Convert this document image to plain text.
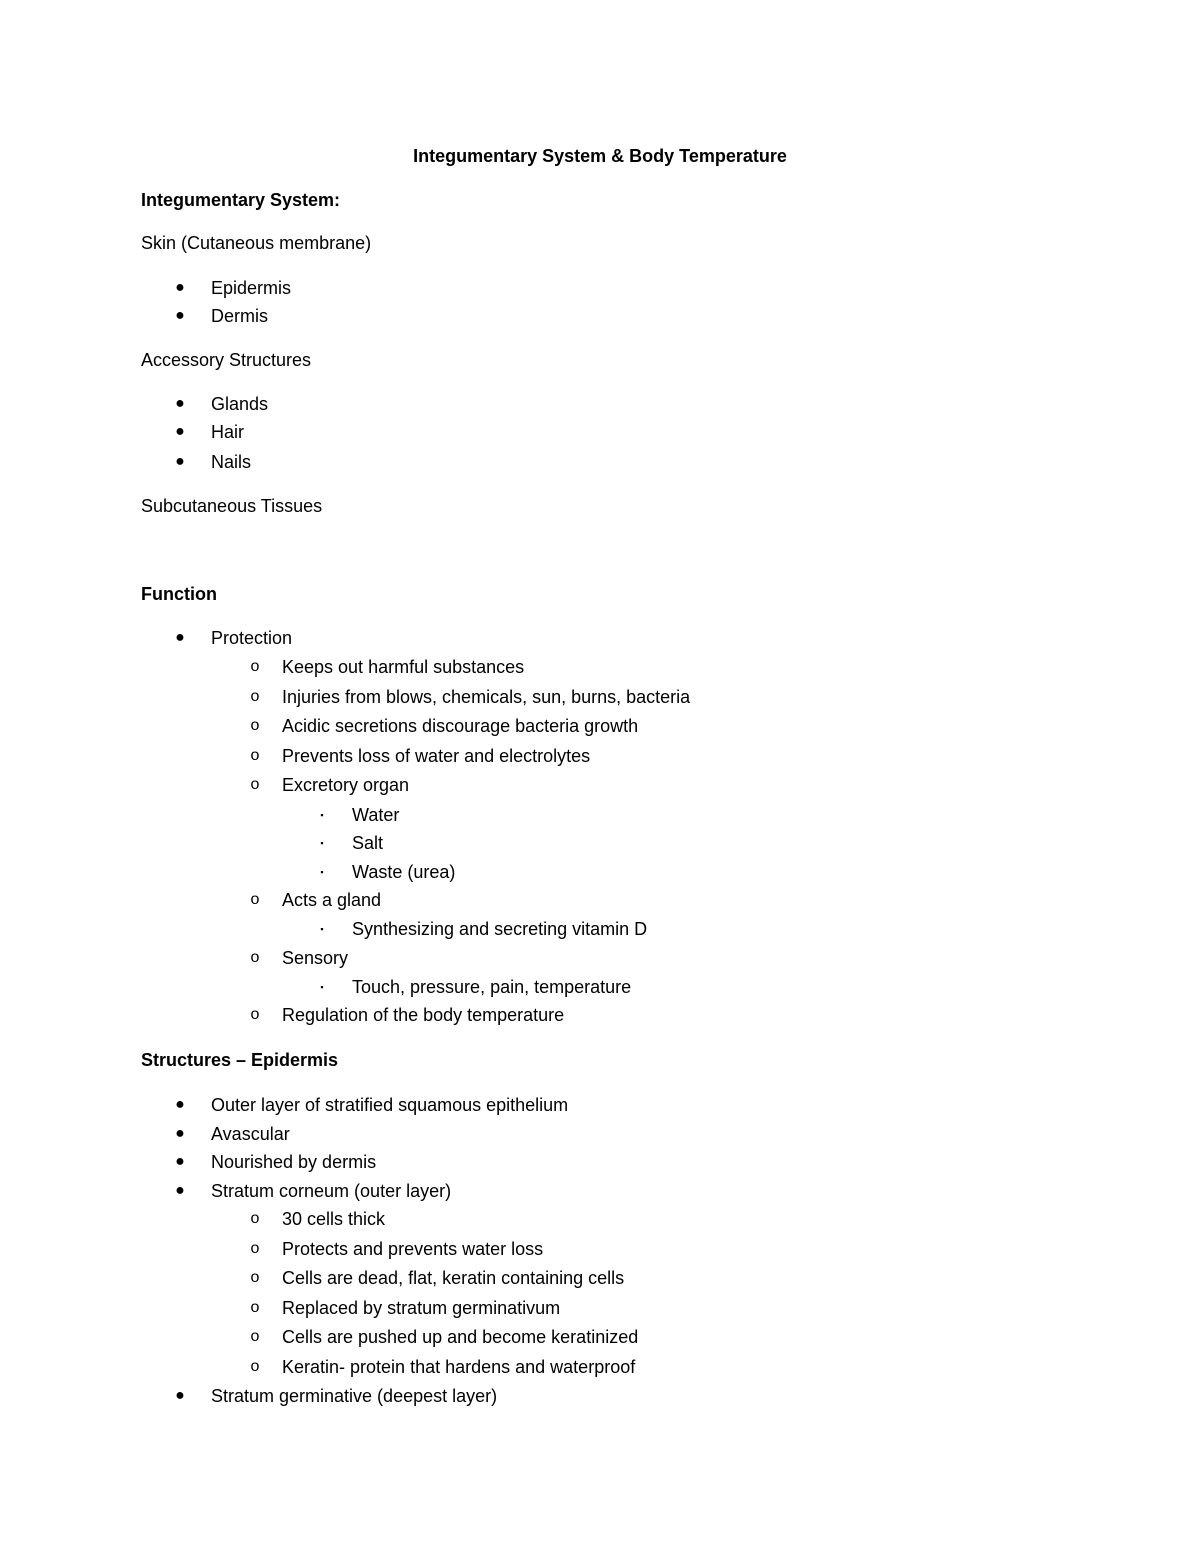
Integumentary System & Body Temperature
Integumentary System:
Skin (Cutaneous membrane)
● Epidermis
● Dermis
Accessory Structures
● Glands
● Hair
● Nails
Subcutaneous Tissues
Function
● Protection
o Keeps out harmful substances
o Injuries from blows, chemicals, sun, burns, bacteria
o Acidic secretions discourage bacteria growth
o Prevents loss of water and electrolytes
o Excretory organ
▪	Water
▪	Salt
▪	Waste (urea)
o Acts a gland
▪	Synthesizing and secreting vitamin D
o Sensory
▪	Touch, pressure, pain, temperature
o Regulation of the body temperature
Structures – Epidermis
● Outer layer of stratified squamous epithelium
● Avascular
● Nourished by dermis
● Stratum corneum (outer layer)
o 30 cells thick
o Protects and prevents water loss
o Cells are dead, flat, keratin containing cells
o Replaced by stratum germinativum
o Cells are pushed up and become keratinized
o Keratin- protein that hardens and waterproof
● Stratum germinative (deepest layer)
